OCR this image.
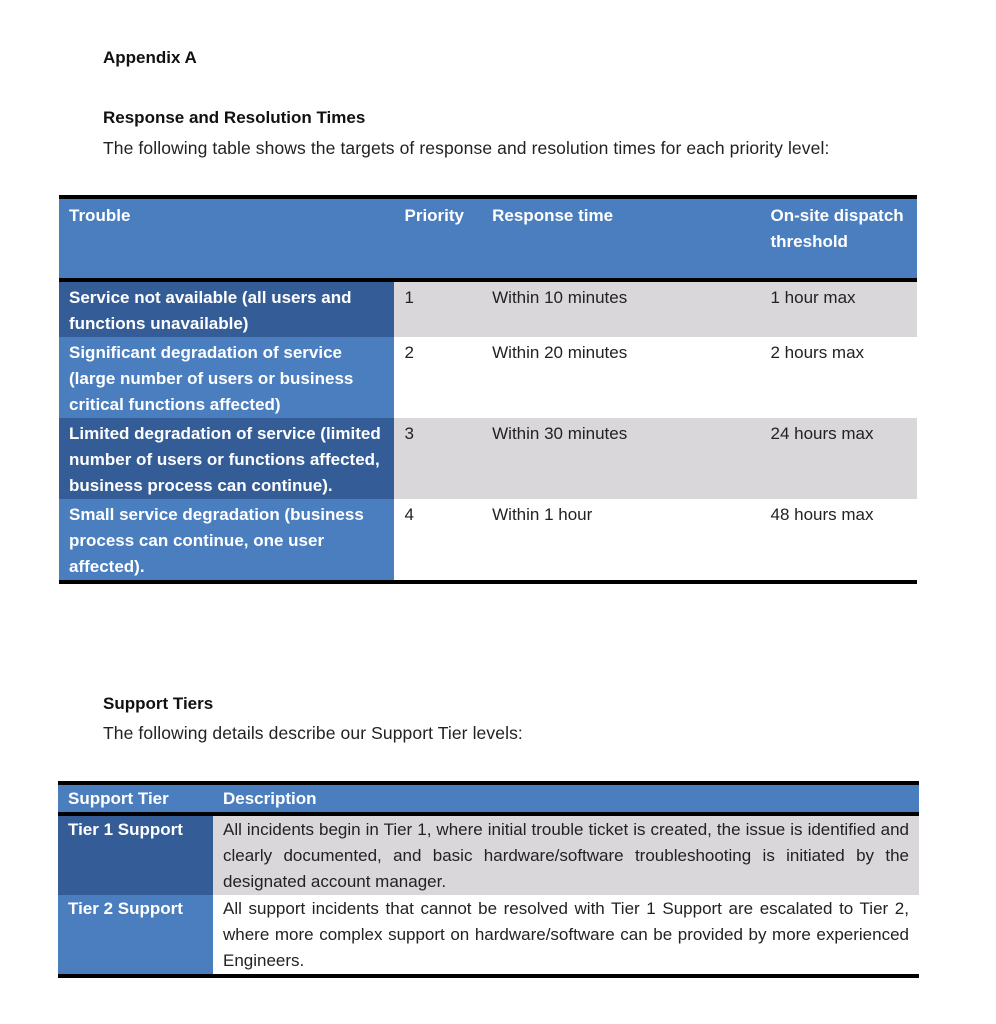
Appendix A
Response and Resolution Times
The following table shows the targets of response and resolution times for each priority level:
Trouble	Priority	Response time	On-site dispatch threshold
Service not available (all users and functions unavailable)	1	Within 10 minutes	1 hour max
Significant degradation of service (large number of users or business critical functions affected)	2	Within 20 minutes	2 hours max
Limited degradation of service (limited number of users or functions affected, business process can continue).	3	Within 30 minutes	24 hours max
Small service degradation (business process can continue, one user affected).	4	Within 1 hour	48 hours max
Support Tiers
The following details describe our Support Tier levels:
Support Tier	Description
Tier 1 Support	All incidents begin in Tier 1, where initial trouble ticket is created, the issue is identified and clearly documented, and basic hardware/software troubleshooting is initiated by the designated account manager.
Tier 2 Support	All support incidents that cannot be resolved with Tier 1 Support are escalated to Tier 2, where more complex support on hardware/software can be provided by more experienced Engineers.
